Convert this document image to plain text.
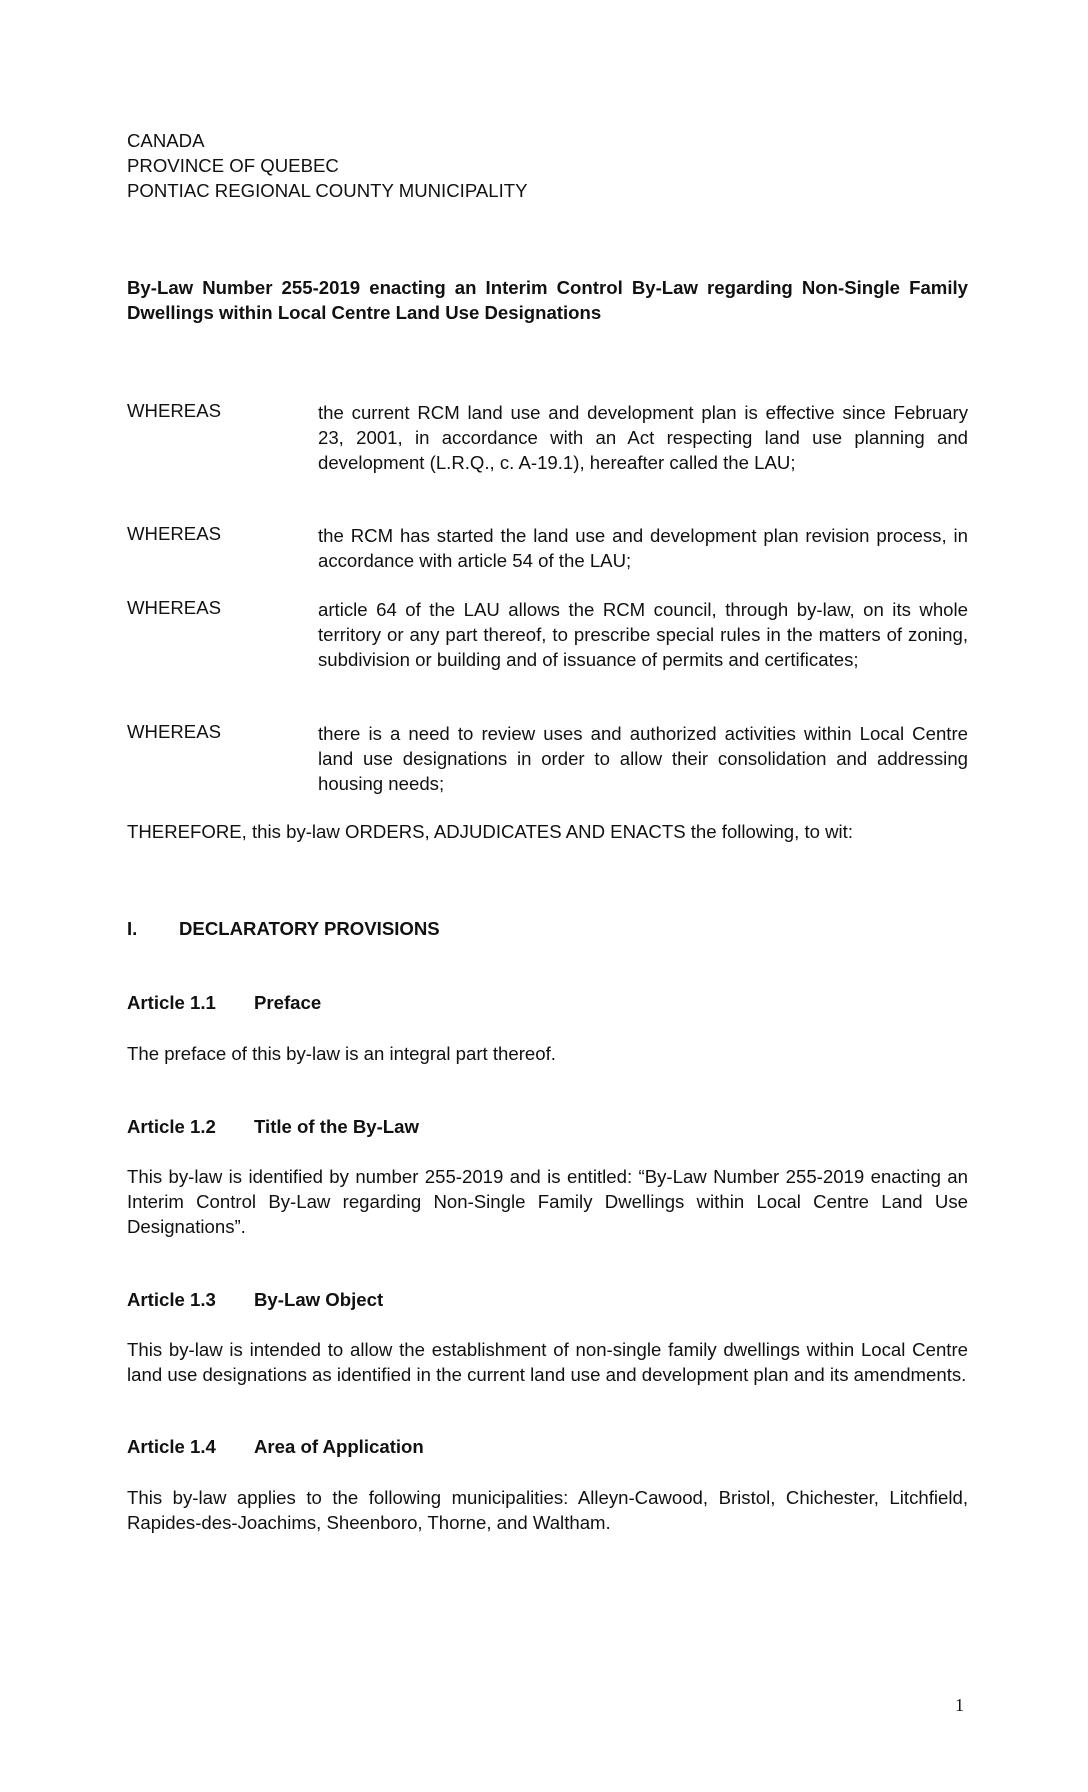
CANADA
PROVINCE OF QUEBEC
PONTIAC REGIONAL COUNTY MUNICIPALITY
By-Law Number 255-2019 enacting an Interim Control By-Law regarding Non-Single Family Dwellings within Local Centre Land Use Designations
WHEREAS	the current RCM land use and development plan is effective since February 23, 2001, in accordance with an Act respecting land use planning and development (L.R.Q., c. A-19.1), hereafter called the LAU;
WHEREAS	the RCM has started the land use and development plan revision process, in accordance with article 54 of the LAU;
WHEREAS	article 64 of the LAU allows the RCM council, through by-law, on its whole territory or any part thereof, to prescribe special rules in the matters of zoning, subdivision or building and of issuance of permits and certificates;
WHEREAS	there is a need to review uses and authorized activities within Local Centre land use designations in order to allow their consolidation and addressing housing needs;
THEREFORE, this by-law ORDERS, ADJUDICATES AND ENACTS the following, to wit:
I. DECLARATORY PROVISIONS
Article 1.1 Preface
The preface of this by-law is an integral part thereof.
Article 1.2 Title of the By-Law
This by-law is identified by number 255-2019 and is entitled: “By-Law Number 255-2019 enacting an Interim Control By-Law regarding Non-Single Family Dwellings within Local Centre Land Use Designations”.
Article 1.3 By-Law Object
This by-law is intended to allow the establishment of non-single family dwellings within Local Centre land use designations as identified in the current land use and development plan and its amendments.
Article 1.4 Area of Application
This by-law applies to the following municipalities: Alleyn-Cawood, Bristol, Chichester, Litchfield, Rapides-des-Joachims, Sheenboro, Thorne, and Waltham.
1
